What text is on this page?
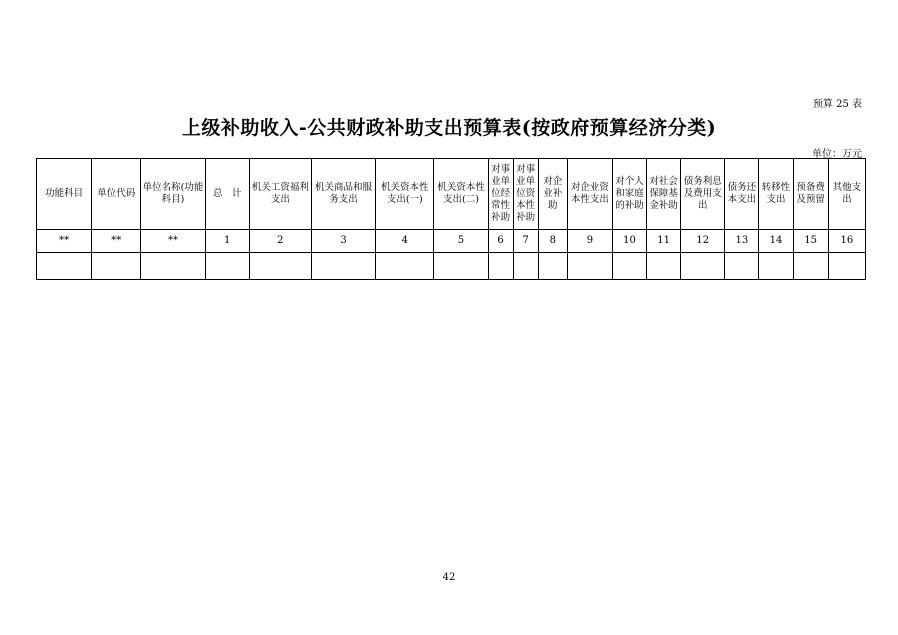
预算 25 表
上级补助收入-公共财政补助支出预算表(按政府预算经济分类)
单位：万元
功能科目	单位代码	单位名称(功能科目)	总　计	机关工资福利支出	机关商品和服务支出	机关资本性支出(一)	机关资本性支出(二)	对事业单位经常性补助	对事业单位资本性补助	对企业补助	对企业资本性支出	对个人和家庭的补助	对社会保障基金补助	债务利息及费用支出	债务还本支出	转移性支出	预备费及预留	其他支出
**	**	**	1	2	3	4	5	6	7	8	9	10	11	12	13	14	15	16

42
